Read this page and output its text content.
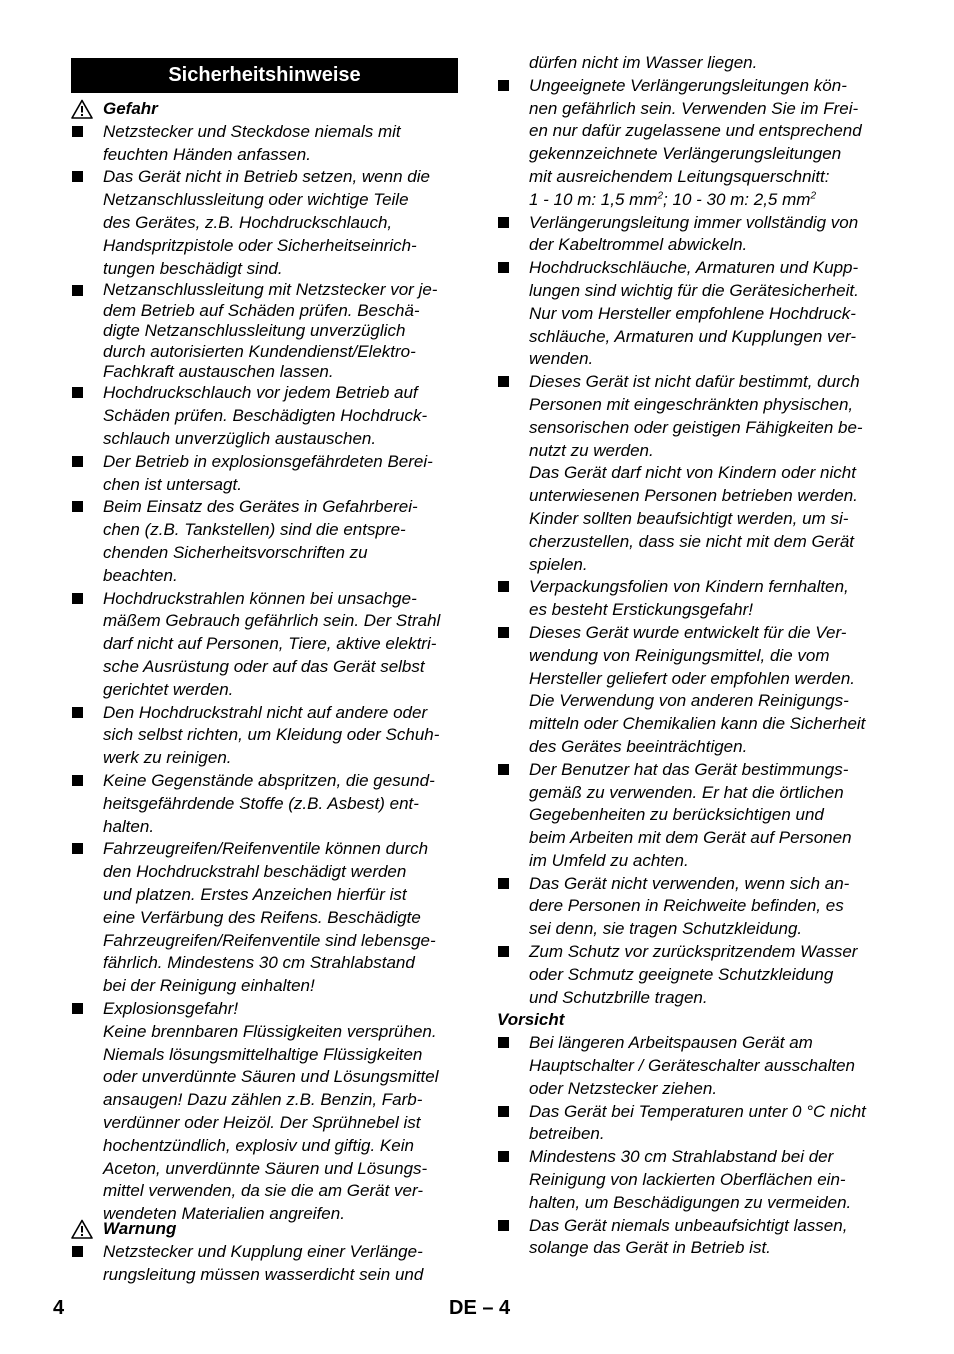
Sicherheitshinweise
Gefahr
Netzstecker und Steckdose niemals mit
feuchten Händen anfassen.
Das Gerät nicht in Betrieb setzen, wenn die
Netzanschlussleitung oder wichtige Teile
des Gerätes, z.B. Hochdruckschlauch,
Handspritzpistole oder Sicherheitseinrich-
tungen beschädigt sind.
Netzanschlussleitung mit Netzstecker vor je-
dem Betrieb auf Schäden prüfen. Beschä-
digte Netzanschlussleitung unverzüglich
durch autorisierten Kundendienst/Elektro-
Fachkraft austauschen lassen.
Hochdruckschlauch vor jedem Betrieb auf
Schäden prüfen. Beschädigten Hochdruck-
schlauch unverzüglich austauschen.
Der Betrieb in explosionsgefährdeten Berei-
chen ist untersagt.
Beim Einsatz des Gerätes in Gefahrberei-
chen (z.B. Tankstellen) sind die entspre-
chenden Sicherheitsvorschriften zu
beachten.
Hochdruckstrahlen können bei unsachge-
mäßem Gebrauch gefährlich sein. Der Strahl
darf nicht auf Personen, Tiere, aktive elektri-
sche Ausrüstung oder auf das Gerät selbst
gerichtet werden.
Den Hochdruckstrahl nicht auf andere oder
sich selbst richten, um Kleidung oder Schuh-
werk zu reinigen.
Keine Gegenstände abspritzen, die gesund-
heitsgefährdende Stoffe (z.B. Asbest) ent-
halten.
Fahrzeugreifen/Reifenventile können durch
den Hochdruckstrahl beschädigt werden
und platzen. Erstes Anzeichen hierfür ist
eine Verfärbung des Reifens. Beschädigte
Fahrzeugreifen/Reifenventile sind lebensge-
fährlich. Mindestens 30 cm Strahlabstand
bei der Reinigung einhalten!
Explosionsgefahr!
Keine brennbaren Flüssigkeiten versprühen.
Niemals lösungsmittelhaltige Flüssigkeiten
oder unverdünnte Säuren und Lösungsmittel
ansaugen! Dazu zählen z.B. Benzin, Farb-
verdünner oder Heizöl. Der Sprühnebel ist
hochentzündlich, explosiv und giftig. Kein
Aceton, unverdünnte Säuren und Lösungs-
mittel verwenden, da sie die am Gerät ver-
wendeten Materialien angreifen.
Warnung
Netzstecker und Kupplung einer Verlänge-
rungsleitung müssen wasserdicht sein und
dürfen nicht im Wasser liegen.
Ungeeignete Verlängerungsleitungen kön-
nen gefährlich sein. Verwenden Sie im Frei-
en nur dafür zugelassene und entsprechend
gekennzeichnete Verlängerungsleitungen
mit ausreichendem Leitungsquerschnitt:
1 - 10 m: 1,5 $mm^2$; 10 - 30 m: 2,5 $mm^2$
Verlängerungsleitung immer vollständig von
der Kabeltrommel abwickeln.
Hochdruckschläuche, Armaturen und Kupp-
lungen sind wichtig für die Gerätesicherheit.
Nur vom Hersteller empfohlene Hochdruck-
schläuche, Armaturen und Kupplungen ver-
wenden.
Dieses Gerät ist nicht dafür bestimmt, durch
Personen mit eingeschränkten physischen,
sensorischen oder geistigen Fähigkeiten be-
nutzt zu werden.
Das Gerät darf nicht von Kindern oder nicht
unterwiesenen Personen betrieben werden.
Kinder sollten beaufsichtigt werden, um si-
cherzustellen, dass sie nicht mit dem Gerät
spielen.
Verpackungsfolien von Kindern fernhalten,
es besteht Erstickungsgefahr!
Dieses Gerät wurde entwickelt für die Ver-
wendung von Reinigungsmittel, die vom
Hersteller geliefert oder empfohlen werden.
Die Verwendung von anderen Reinigungs-
mitteln oder Chemikalien kann die Sicherheit
des Gerätes beeinträchtigen.
Der Benutzer hat das Gerät bestimmungs-
gemäß zu verwenden. Er hat die örtlichen
Gegebenheiten zu berücksichtigen und
beim Arbeiten mit dem Gerät auf Personen
im Umfeld zu achten.
Das Gerät nicht verwenden, wenn sich an-
dere Personen in Reichweite befinden, es
sei denn, sie tragen Schutzkleidung.
Zum Schutz vor zurückspritzendem Wasser
oder Schmutz geeignete Schutzkleidung
und Schutzbrille tragen.
Vorsicht
Bei längeren Arbeitspausen Gerät am
Hauptschalter / Geräteschalter ausschalten
oder Netzstecker ziehen.
Das Gerät bei Temperaturen unter 0 °C nicht
betreiben.
Mindestens 30 cm Strahlabstand bei der
Reinigung von lackierten Oberflächen ein-
halten, um Beschädigungen zu vermeiden.
Das Gerät niemals unbeaufsichtigt lassen,
solange das Gerät in Betrieb ist.
4	DE – 4
